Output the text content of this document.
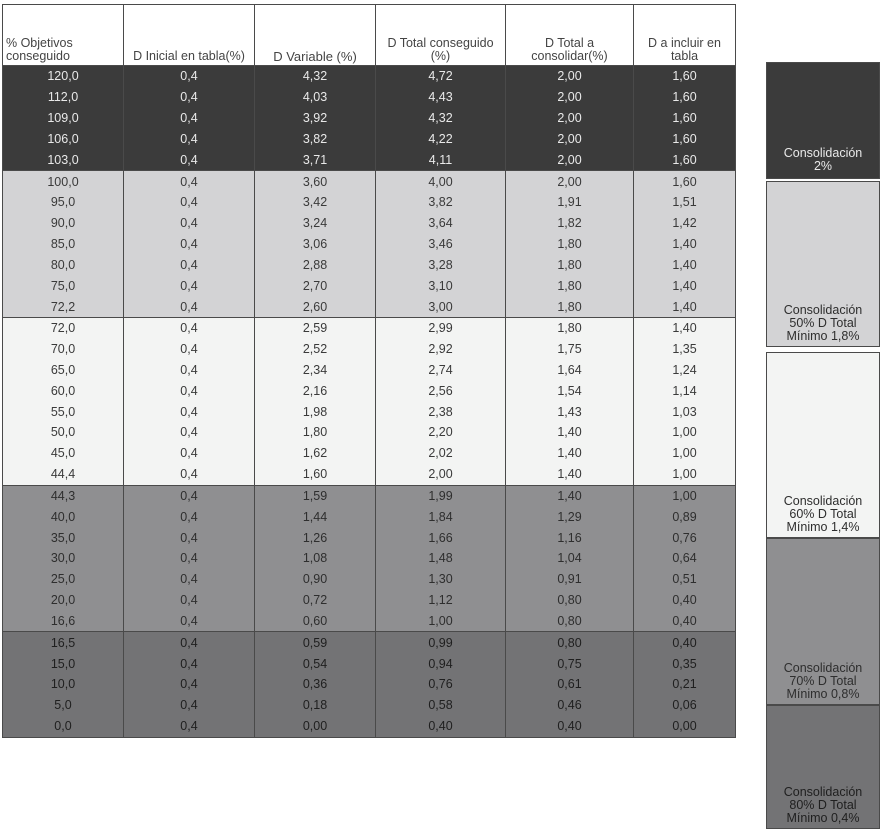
% Objetivos conseguido	D Inicial en tabla(%)	D Variable (%)	D Total conseguido (%)	D Total a consolidar(%)	D a incluir en tabla
120,0	0,4	4,32	4,72	2,00	1,60
112,0	0,4	4,03	4,43	2,00	1,60
109,0	0,4	3,92	4,32	2,00	1,60
106,0	0,4	3,82	4,22	2,00	1,60
103,0	0,4	3,71	4,11	2,00	1,60
100,0	0,4	3,60	4,00	2,00	1,60
95,0	0,4	3,42	3,82	1,91	1,51
90,0	0,4	3,24	3,64	1,82	1,42
85,0	0,4	3,06	3,46	1,80	1,40
80,0	0,4	2,88	3,28	1,80	1,40
75,0	0,4	2,70	3,10	1,80	1,40
72,2	0,4	2,60	3,00	1,80	1,40
72,0	0,4	2,59	2,99	1,80	1,40
70,0	0,4	2,52	2,92	1,75	1,35
65,0	0,4	2,34	2,74	1,64	1,24
60,0	0,4	2,16	2,56	1,54	1,14
55,0	0,4	1,98	2,38	1,43	1,03
50,0	0,4	1,80	2,20	1,40	1,00
45,0	0,4	1,62	2,02	1,40	1,00
44,4	0,4	1,60	2,00	1,40	1,00
44,3	0,4	1,59	1,99	1,40	1,00
40,0	0,4	1,44	1,84	1,29	0,89
35,0	0,4	1,26	1,66	1,16	0,76
30,0	0,4	1,08	1,48	1,04	0,64
25,0	0,4	0,90	1,30	0,91	0,51
20,0	0,4	0,72	1,12	0,80	0,40
16,6	0,4	0,60	1,00	0,80	0,40
16,5	0,4	0,59	0,99	0,80	0,40
15,0	0,4	0,54	0,94	0,75	0,35
10,0	0,4	0,36	0,76	0,61	0,21
5,0	0,4	0,18	0,58	0,46	0,06
0,0	0,4	0,00	0,40	0,40	0,00
Consolidación
2%
Consolidación
50% D Total
Mínimo 1,8%
Consolidación
60% D Total
Mínimo 1,4%
Consolidación
70% D Total
Mínimo 0,8%
Consolidación
80% D Total
Mínimo 0,4%
